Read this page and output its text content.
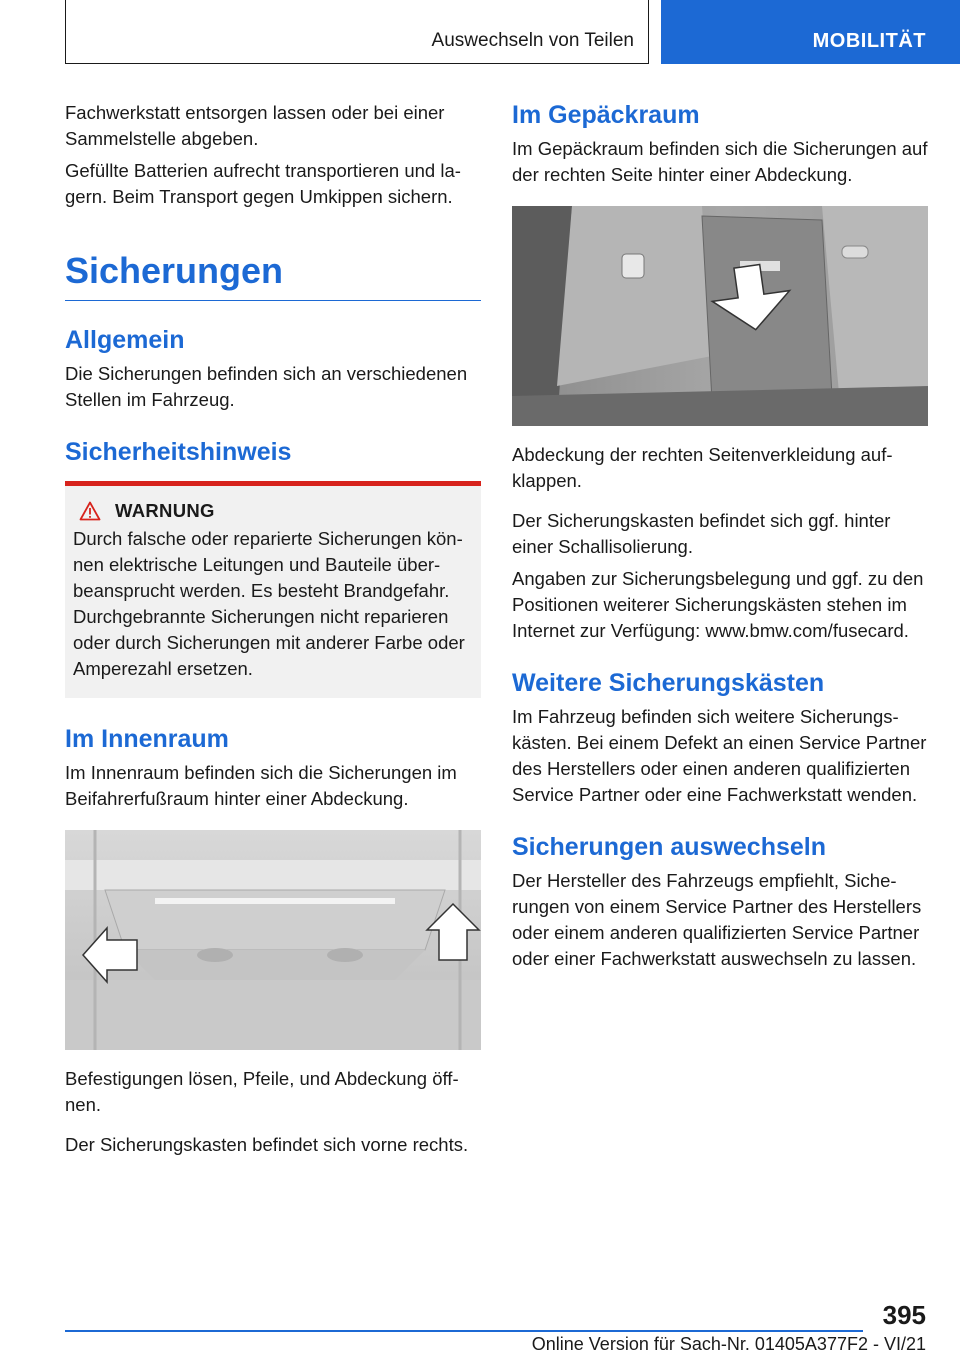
Auswechseln von Teilen	MOBILITÄT

Fachwerkstatt entsorgen lassen oder bei einer Sammelstelle abgeben.

Gefüllte Batterien aufrecht transportieren und lagern. Beim Transport gegen Umkippen sichern.

Sicherungen
Allgemein

Die Sicherungen befinden sich an verschiedenen Stellen im Fahrzeug.

Sicherheitshinweis
WARNUNG

Durch falsche oder reparierte Sicherungen können elektrische Leitungen und Bauteile überbeansprucht werden. Es besteht Brandgefahr. Durchgebrannte Sicherungen nicht reparieren oder durch Sicherungen mit anderer Farbe oder Amperezahl ersetzen.

Im Innenraum

Im Innenraum befinden sich die Sicherungen im Beifahrerfußraum hinter einer Abdeckung.

Befestigungen lösen, Pfeile, und Abdeckung öffnen.

Der Sicherungskasten befindet sich vorne rechts.

Im Gepäckraum

Im Gepäckraum befinden sich die Sicherungen auf der rechten Seite hinter einer Abdeckung.

Abdeckung der rechten Seitenverkleidung aufklappen.

Der Sicherungskasten befindet sich ggf. hinter einer Schallisolierung.

Angaben zur Sicherungsbelegung und ggf. zu den Positionen weiterer Sicherungskästen stehen im Internet zur Verfügung: www.bmw.com/fusecard.

Weitere Sicherungskästen

Im Fahrzeug befinden sich weitere Sicherungskästen. Bei einem Defekt an einen Service Partner des Herstellers oder einen anderen qualifizierten Service Partner oder eine Fachwerkstatt wenden.

Sicherungen auswechseln

Der Hersteller des Fahrzeugs empfiehlt, Sicherungen von einem Service Partner des Herstellers oder einem anderen qualifizierten Service Partner oder einer Fachwerkstatt auswechseln zu lassen.

395
Online Version für Sach-Nr. 01405A377F2 - VI/21
